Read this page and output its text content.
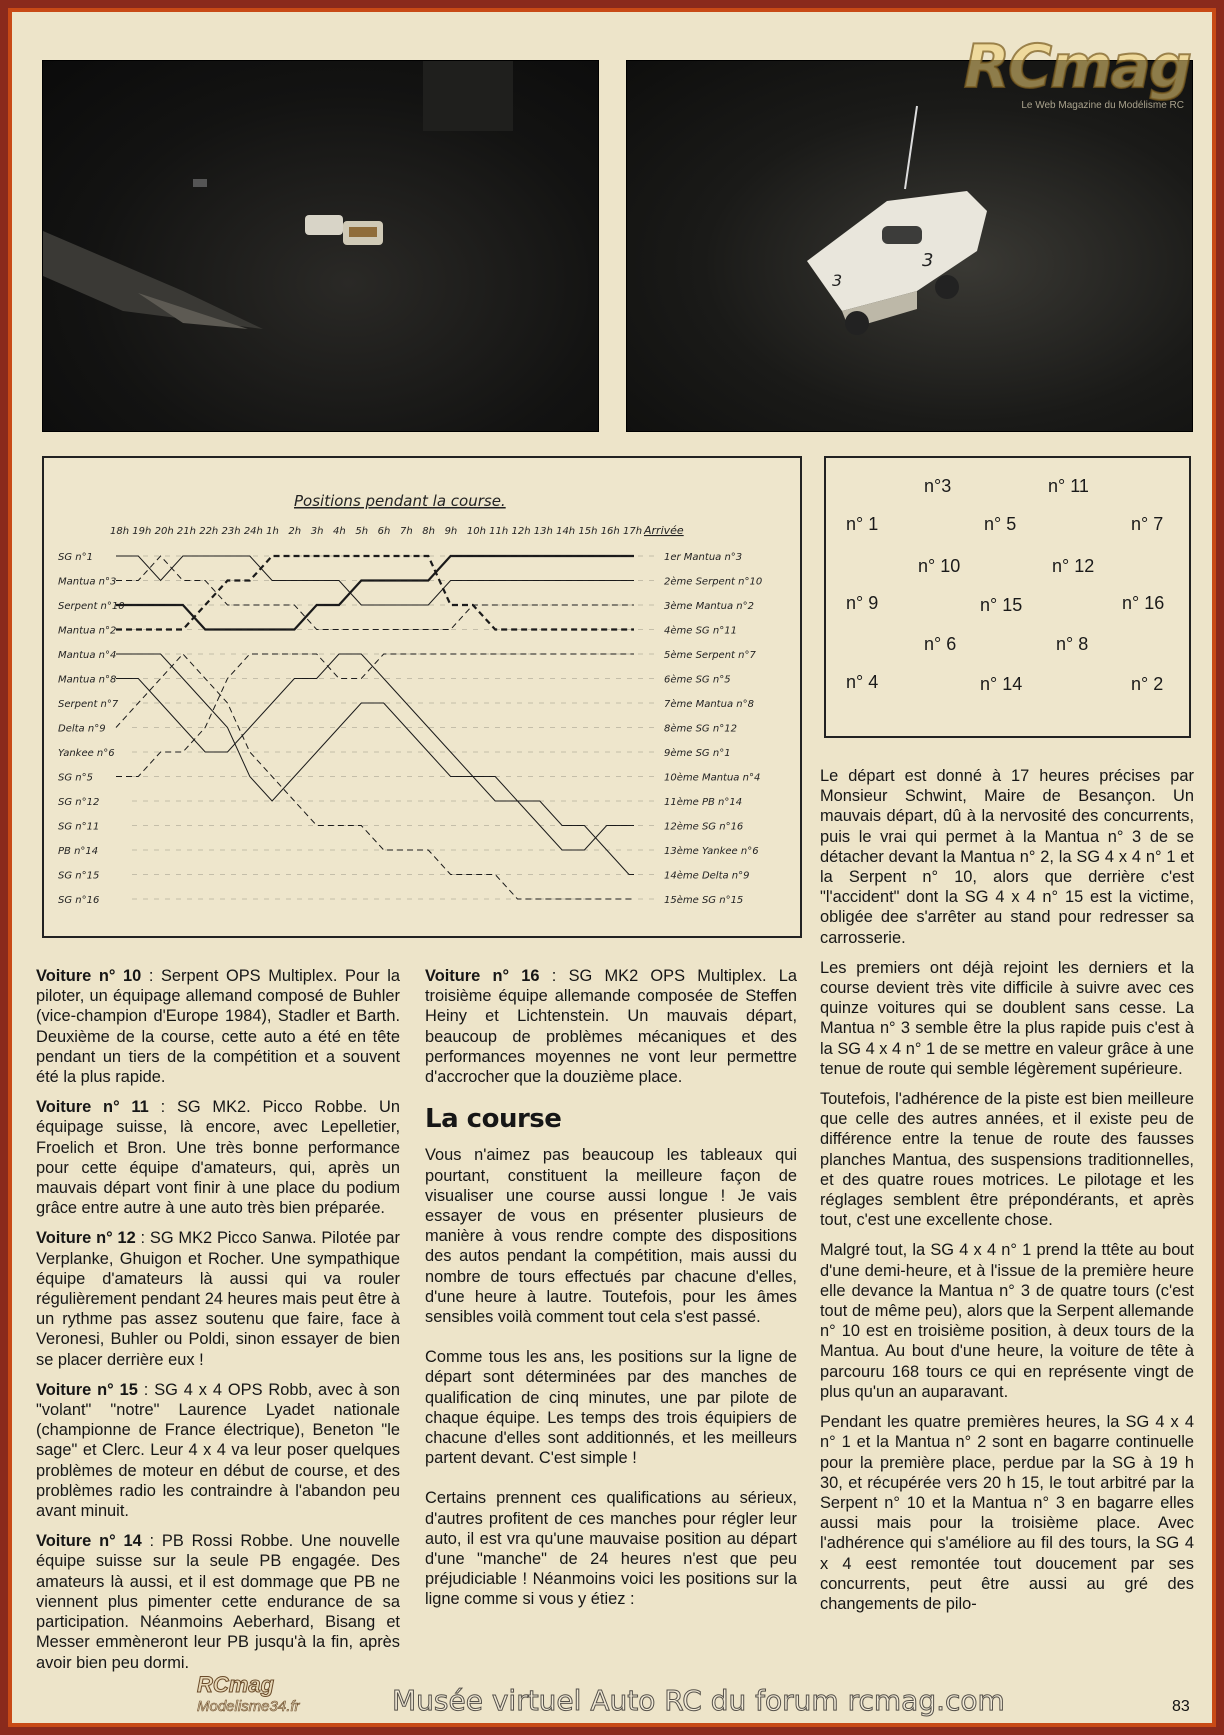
3
3
RCmag
Le Web Magazine du Modélisme RC
Positions pendant la course.
18h 19h 20h 21h 22h 23h 24h 1h 2h 3h 4h 5h 6h 7h 8h 9h 10h 11h 12h 13h 14h 15h 16h 17h Arrivée
SG n°1
Mantua n°3
Serpent n°10
Mantua n°2
Mantua n°4
Mantua n°8
Serpent n°7
Delta n°9
Yankee n°6
SG n°5
SG n°12
SG n°11
PB n°14
SG n°15
SG n°16
1er Mantua n°3
2ème Serpent n°10
3ème Mantua n°2
4ème SG n°11
5ème Serpent n°7
6ème SG n°5
7ème Mantua n°8
8ème SG n°12
9ème SG n°1
10ème Mantua n°4
11ème PB n°14
12ème SG n°16
13ème Yankee n°6
14ème Delta n°9
15ème SG n°15
n°3	n° 11
n° 1	n° 5	n° 7
n° 10	n° 12
n° 9	n° 15	n° 16
n° 6	n° 8
n° 4	n° 14	n° 2

Voiture n° 10 : Serpent OPS Multiplex. Pour la piloter, un équipage allemand composé de Buhler (vice-champion d'Europe 1984), Stadler et Barth. Deuxième de la course, cette auto a été en tête pendant un tiers de la compétition et a souvent été la plus rapide.

Voiture n° 11 : SG MK2. Picco Robbe. Un équipage suisse, là encore, avec Lepelletier, Froelich et Bron. Une très bonne performance pour cette équipe d'amateurs, qui, après un mauvais départ vont finir à une place du podium grâce entre autre à une auto très bien préparée.

Voiture n° 12 : SG MK2 Picco Sanwa. Pilotée par Verplanke, Ghuigon et Rocher. Une sympathique équipe d'amateurs là aussi qui va rouler régulièrement pendant 24 heures mais peut être à un rythme pas assez soutenu que faire, face à Veronesi, Buhler ou Poldi, sinon essayer de bien se placer derrière eux !

Voiture n° 15 : SG 4 x 4 OPS Robb, avec à son "volant" "notre" Laurence Lyadet nationale (championne de France électrique), Beneton "le sage" et Clerc. Leur 4 x 4 va leur poser quelques problèmes de moteur en début de course, et des problèmes radio les contraindre à l'abandon peu avant minuit.

Voiture n° 14 : PB Rossi Robbe. Une nouvelle équipe suisse sur la seule PB engagée. Des amateurs là aussi, et il est dommage que PB ne viennent plus pimenter cette endurance de sa participation. Néanmoins Aeberhard, Bisang et Messer emmèneront leur PB jusqu'à la fin, après avoir bien peu dormi.

Voiture n° 16 : SG MK2 OPS Multiplex. La troisième équipe allemande composée de Steffen Heiny et Lichtenstein. Un mauvais départ, beaucoup de problèmes mécaniques et des performances moyennes ne vont leur permettre d'accrocher que la douzième place.

La course

Vous n'aimez pas beaucoup les tableaux qui pourtant, constituent la meilleure façon de visualiser une course aussi longue ! Je vais essayer de vous en présenter plusieurs de manière à vous rendre compte des dispositions des autos pendant la compétition, mais aussi du nombre de tours effectués par chacune d'elles, d'une heure à lautre. Toutefois, pour les âmes sensibles voilà comment tout cela s'est passé.

Comme tous les ans, les positions sur la ligne de départ sont déterminées par des manches de qualification de cinq minutes, une par pilote de chaque équipe. Les temps des trois équipiers de chacune d'elles sont additionnés, et les meilleurs partent devant. C'est simple !

Certains prennent ces qualifications au sérieux, d'autres profitent de ces manches pour régler leur auto, il est vra qu'une mauvaise position au départ d'une "manche" de 24 heures n'est que peu préjudiciable ! Néanmoins voici les positions sur la ligne comme si vous y étiez :

Le départ est donné à 17 heures précises par Monsieur Schwint, Maire de Besançon. Un mauvais départ, dû à la nervosité des concurrents, puis le vrai qui permet à la Mantua n° 3 de se détacher devant la Mantua n° 2, la SG 4 x 4 n° 1 et la Serpent n° 10, alors que derrière c'est "l'accident" dont la SG 4 x 4 n° 15 est la victime, obligée dee s'arrêter au stand pour redresser sa carrosserie.

Les premiers ont déjà rejoint les derniers et la course devient très vite difficile à suivre avec ces quinze voitures qui se doublent sans cesse. La Mantua n° 3 semble être la plus rapide puis c'est à la SG 4 x 4 n° 1 de se mettre en valeur grâce à une tenue de route qui semble légèrement supérieure.

Toutefois, l'adhérence de la piste est bien meilleure que celle des autres années, et il existe peu de différence entre la tenue de route des fausses planches Mantua, des suspensions traditionnelles, et des quatre roues motrices. Le pilotage et les réglages semblent être prépondérants, et après tout, c'est une excellente chose.

Malgré tout, la SG 4 x 4 n° 1 prend la ttête au bout d'une demi-heure, et à l'issue de la première heure elle devance la Mantua n° 3 de quatre tours (c'est tout de même peu), alors que la Serpent allemande n° 10 est en troisième position, à deux tours de la Mantua. Au bout d'une heure, la voiture de tête à parcouru 168 tours ce qui en représente vingt de plus qu'un an auparavant.

Pendant les quatre premières heures, la SG 4 x 4 n° 1 et la Mantua n° 2 sont en bagarre continuelle pour la première place, perdue par la SG à 19 h 30, et récupérée vers 20 h 15, le tout arbitré par la Serpent n° 10 et la Mantua n° 3 en bagarre elles aussi mais pour la troisième place. Avec l'adhérence qui s'améliore au fil des tours, la SG 4 x 4 eest remontée tout doucement par ses concurrents, peut être aussi au gré des changements de pilo-

RCmag
Modelisme34.fr	Musée virtuel Auto RC du forum rcmag.com	83
